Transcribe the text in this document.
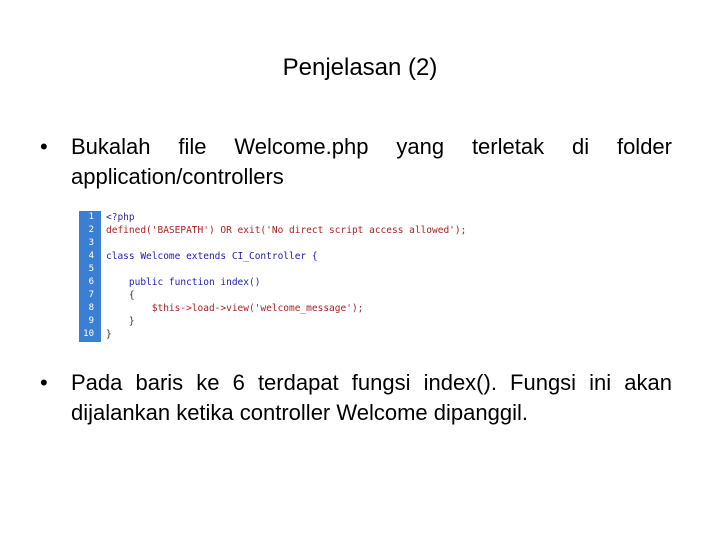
Penjelasan (2)
•	Bukalah file Welcome.php yang terletak di folder application/controllers
1 <?php
2 defined('BASEPATH') OR exit('No direct script access allowed');
3
4 class Welcome extends CI_Controller {
5
6 public function index()
7 {
8 $this->load->view('welcome_message');
9 }
10 }
•	Pada baris ke 6 terdapat fungsi index(). Fungsi ini akan dijalankan ketika controller Welcome dipanggil.
